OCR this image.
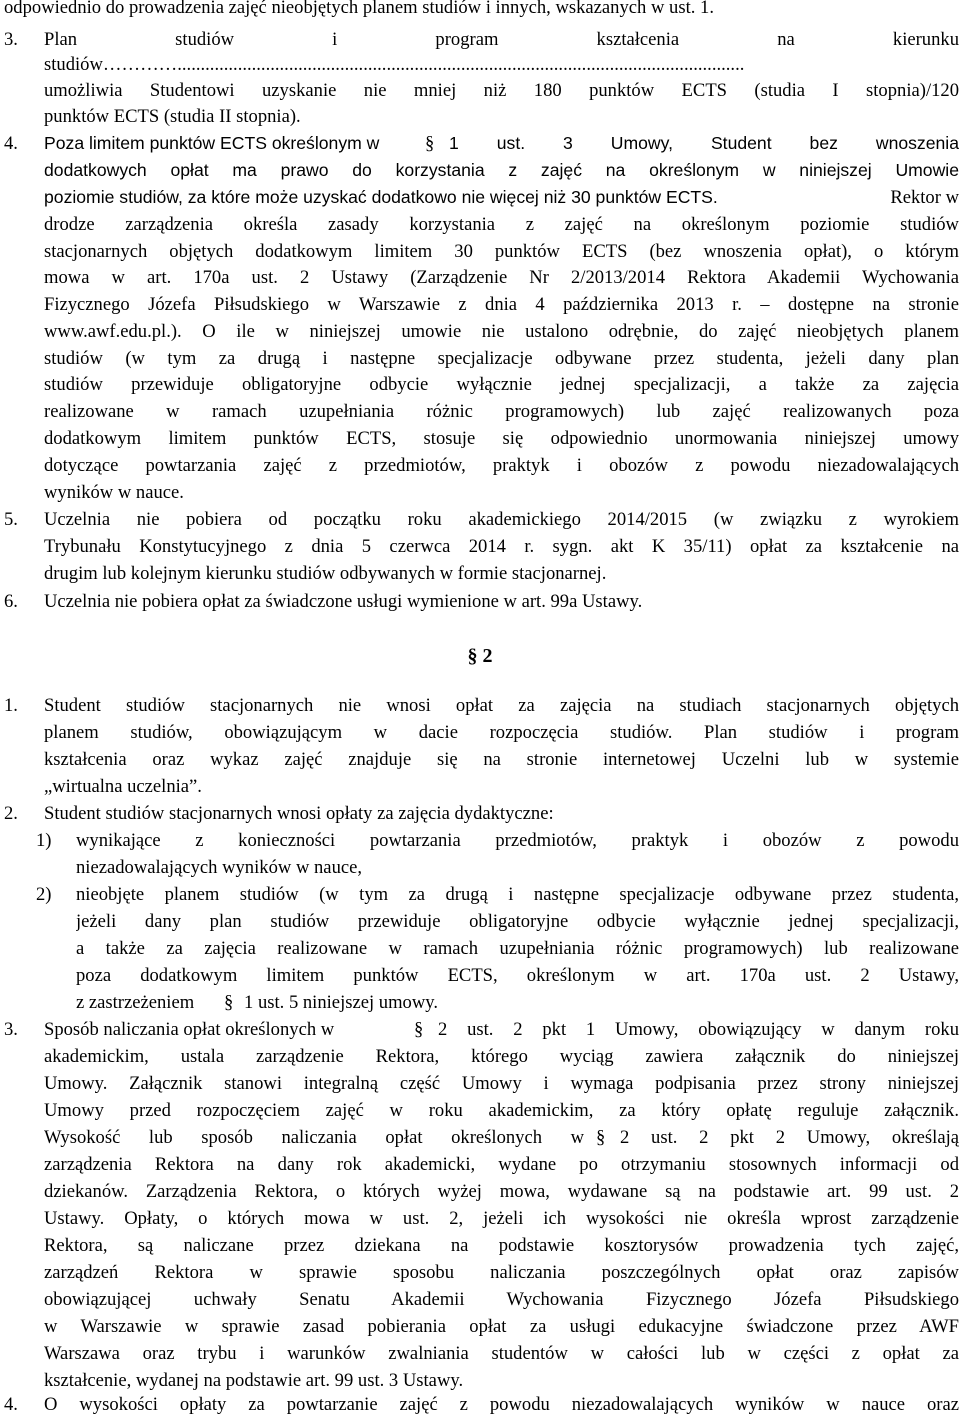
odpowiednio do prowadzenia zajęć nieobjętych planem studiów i innych, wskazanych w ust. 1.
3.	Plan studiów i program kształcenia na kierunku
studiów…………..........................................................................................................................
umożliwia Studentowi uzyskanie nie mniej niż 180 punktów ECTS (studia I stopnia)/120
punktów ECTS (studia II stopnia).
4.	Poza limitem punktów ECTS określonym w	§ 1 ust. 3 Umowy, Student bez wnoszenia
dodatkowych opłat ma prawo do korzystania z zajęć na określonym w niniejszej Umowie
poziomie studiów, za które może uzyskać dodatkowo nie więcej niż 30 punktów ECTS.	Rektor w
drodze zarządzenia określa zasady korzystania z zajęć na określonym poziomie studiów
stacjonarnych objętych dodatkowym limitem 30 punktów ECTS (bez wnoszenia opłat), o którym
mowa w art. 170a ust. 2 Ustawy (Zarządzenie Nr 2/2013/2014 Rektora Akademii Wychowania
Fizycznego Józefa Piłsudskiego w Warszawie z dnia 4 października 2013 r. – dostępne na stronie
www.awf.edu.pl.). O ile w niniejszej umowie nie ustalono odrębnie, do zajęć nieobjętych planem
studiów (w tym za drugą i następne specjalizacje odbywane przez studenta, jeżeli dany plan
studiów przewiduje obligatoryjne odbycie wyłącznie jednej specjalizacji, a także za zajęcia
realizowane w ramach uzupełniania różnic programowych) lub zajęć realizowanych poza
dodatkowym limitem punktów ECTS, stosuje się odpowiednio unormowania niniejszej umowy
dotyczące powtarzania zajęć z przedmiotów, praktyk i obozów z powodu niezadowalających
wyników w nauce.
5.	Uczelnia nie pobiera od początku roku akademickiego 2014/2015 (w związku z wyrokiem
Trybunału Konstytucyjnego z dnia 5 czerwca 2014 r. sygn. akt K 35/11) opłat za kształcenie na
drugim lub kolejnym kierunku studiów odbywanych w formie stacjonarnej.
6.	Uczelnia nie pobiera opłat za świadczone usługi wymienione w art. 99a Ustawy.
§ 2
1.	Student studiów stacjonarnych nie wnosi opłat za zajęcia na studiach stacjonarnych objętych
planem studiów, obowiązującym w dacie rozpoczęcia studiów. Plan studiów i program
kształcenia oraz wykaz zajęć znajduje się na stronie internetowej Uczelni lub w systemie
„wirtualna uczelnia”.
2.	Student studiów stacjonarnych wnosi opłaty za zajęcia dydaktyczne:
1)	wynikające z konieczności powtarzania przedmiotów, praktyk i obozów z powodu
niezadowalających wyników w nauce,
2)	nieobjęte planem studiów (w tym za drugą i następne specjalizacje odbywane przez studenta,
jeżeli dany plan studiów przewiduje obligatoryjne odbycie wyłącznie jednej specjalizacji,
a także za zajęcia realizowane w ramach uzupełniania różnic programowych) lub realizowane
poza dodatkowym limitem punktów ECTS, określonym w art. 170a ust. 2 Ustawy,
z zastrzeżeniem	§ 1 ust. 5 niniejszej umowy.
3.	Sposób naliczania opłat określonych w	§ 2 ust. 2 pkt 1 Umowy, obowiązujący w danym roku
akademickim, ustala zarządzenie Rektora, którego wyciąg zawiera załącznik do niniejszej
Umowy. Załącznik stanowi integralną część Umowy i wymaga podpisania przez strony niniejszej
Umowy przed rozpoczęciem zajęć w roku akademickim, za który opłatę reguluje załącznik.
Wysokość lub sposób naliczania opłat określonych w § 2 ust. 2 pkt 2 Umowy, określają
zarządzenia Rektora na dany rok akademicki, wydane po otrzymaniu stosownych informacji od
dziekanów. Zarządzenia Rektora, o których wyżej mowa, wydawane są na podstawie art. 99 ust. 2
Ustawy. Opłaty, o których mowa w ust. 2, jeżeli ich wysokości nie określa wprost zarządzenie
Rektora, są naliczane przez dziekana na podstawie kosztorysów prowadzenia tych zajęć,
zarządzeń Rektora w sprawie sposobu naliczania poszczególnych opłat oraz zapisów
obowiązującej uchwały Senatu Akademii Wychowania Fizycznego Józefa Piłsudskiego
w Warszawie w sprawie zasad pobierania opłat za usługi edukacyjne świadczone przez AWF
Warszawa oraz trybu i warunków zwalniania studentów w całości lub w części z opłat za
kształcenie, wydanej na podstawie art. 99 ust. 3 Ustawy.
4.	O wysokości opłaty za powtarzanie zajęć z powodu niezadowalających wyników w nauce oraz
